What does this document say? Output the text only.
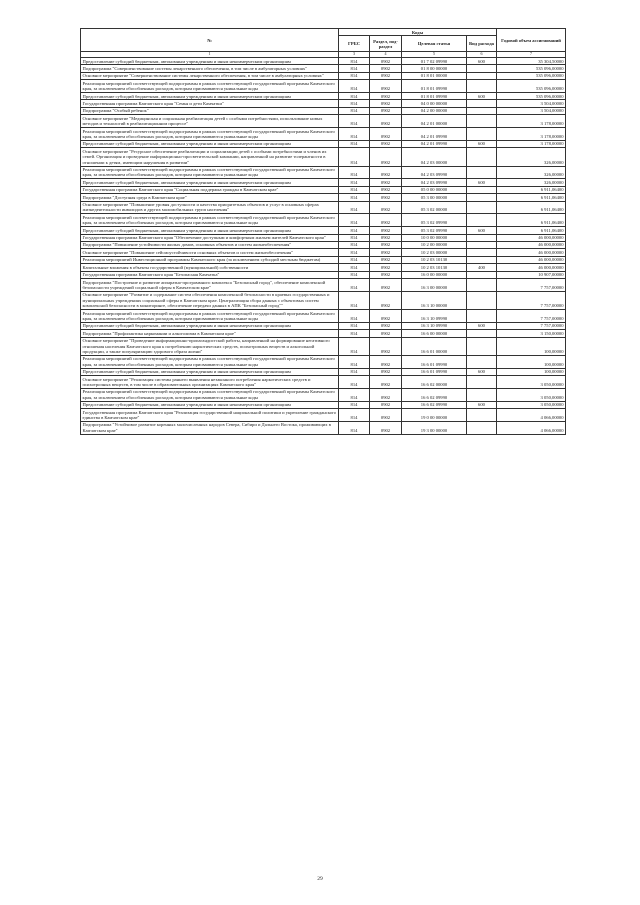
№	Коды				Годовой объем ассигнований
	ГРБС	Раздел, под-раздел	Целевая статья	Вид расхода	
1	3	4	5	6	7
Предоставление субсидий бюджетным, автономным учреждениям и иным некоммерческим организациям	814	0902	01 7 02 09990	600	35 304,50000
Подпрограмма "Совершенствование системы лекарственного обеспечения, в том числе в амбулаторных условиях"	814	0902	01 8 00 00000		535 096,00000
Основное мероприятие "Совершенствование системы лекарственного обеспечения, в том числе в амбулаторных условиях"	814	0902	01 8 01 00000		535 096,00000
Реализация мероприятий соответствующей подпрограммы в рамках соответствующей государственной программы Камчатского края, за исключением обособленных расходов, которым присваиваются уникальные коды	814	0902	01 8 01 09990		535 096,00000
Предоставление субсидий бюджетным, автономным учреждениям и иным некоммерческим организациям	814	0902	01 8 01 09990	600	535 096,00000
Государственная программа Камчатского края "Семья и дети Камчатки"	814	0902	04 0 00 00000		3 504,00000
Подпрограмма "Особый ребенок"	814	0902	04 2 00 00000		3 504,00000
Основное мероприятие "Медицинская и социальная реабилитация детей с особыми потребностями, использование новых методов и технологий в реабилитационном процессе"	814	0902	04 2 01 00000		3 178,00000
Реализация мероприятий соответствующей подпрограммы в рамках соответствующей государственной программы Камчатского края, за исключением обособленных расходов, которым присваиваются уникальные коды	814	0902	04 2 01 09990		3 178,00000
Предоставление субсидий бюджетным, автономным учреждениям и иным некоммерческим организациям	814	0902	04 2 01 09990	600	3 178,00000
Основное мероприятие "Ресурсное обеспечение реабилитации и социализации детей с особыми потребностями и членов их семей. Организация и проведение информационно-просветительской кампании, направленной на развитие толерантности в отношении к детям, имеющим нарушения в развитии"	814	0902	04 2 03 00000		326,00000
Реализация мероприятий соответствующей подпрограммы в рамках соответствующей государственной программы Камчатского края, за исключением обособленных расходов, которым присваиваются уникальные коды	814	0902	04 2 03 09990		326,00000
Предоставление субсидий бюджетным, автономным учреждениям и иным некоммерческим организациям	814	0902	04 2 03 09990	600	326,00000
Государственная программа Камчатского края "Социальная поддержка граждан в Камчатском крае"	814	0902	05 0 00 00000		6 911,06400
Подпрограмма "Доступная среда в Камчатском крае"	814	0902	05 3 00 00000		6 911,06400
Основное мероприятие "Повышение уровня доступности и качества приоритетных объектов и услуг в основных сферах жизнедеятельности инвалидов и других маломобильных групп населения"	814	0902	05 3 02 00000		6 911,06400
Реализация мероприятий соответствующей подпрограммы в рамках соответствующей государственной программы Камчатского края, за исключением обособленных расходов, которым присваиваются уникальные коды	814	0902	05 3 02 09990		6 911,06400
Предоставление субсидий бюджетным, автономным учреждениям и иным некоммерческим организациям	814	0902	05 3 02 09990	600	6 911,06400
Государственная программа Камчатского края "Обеспечение доступным и комфортным жильем жителей Камчатского края"	814	0902	10 0 00 00000		46 000,00000
Подпрограмма "Повышение устойчивости жилых домов, основных объектов и систем жизнеобеспечения"	814	0902	10 2 00 00000		46 000,00000
Основное мероприятие "Повышение сейсмоустойчивости основных объектов и систем жизнеобеспечения"	814	0902	10 2 03 00000		46 000,00000
Реализация мероприятий Инвестиционной программы Камчатского края (за исключением субсидий местным бюджетам)	814	0902	10 2 03 10130		46 000,00000
Капитальные вложения в объекты государственной (муниципальной) собственности	814	0902	10 2 03 10130	400	46 000,00000
Государственная программа Камчатского края "Безопасная Камчатка"	814	0902	16 0 00 00000		10 907,00000
Подпрограмма "Построение и развитие аппаратно-программного комплекса "Безопасный город", обеспечение комплексной безопасности учреждений социальной сферы в Камчатском крае"	814	0902	16 3 00 00000		7 757,00000
Основное мероприятие "Развитие и содержание систем обеспечения комплексной безопасности в краевых государственных и муниципальных учреждениях социальной сферы в Камчатском крае. Централизация сбора данных с объектовых систем комплексной безопасности в мониторинге, обеспечение передачи данных в АПК "Безопасный город""	814	0902	16 3 10 00000		7 757,00000
Реализация мероприятий соответствующей подпрограммы в рамках соответствующей государственной программы Камчатского края, за исключением обособленных расходов, которым присваиваются уникальные коды	814	0902	16 3 10 09990		7 757,00000
Предоставление субсидий бюджетным, автономным учреждениям и иным некоммерческим организациям	814	0902	16 3 10 09990	600	7 757,00000
Подпрограмма "Профилактика наркомании и алкоголизма в Камчатском крае"	814	0902	16 6 00 00000		3 150,00000
Основное мероприятие "Проведение информационно-пропагандистской работы, направленной на формирование негативного отношения населения Камчатского края к потреблению наркотических средств, психотропных веществ и алкогольной продукции, а также популяризацию здорового образа жизни"	814	0902	16 6 01 00000		100,00000
Реализация мероприятий соответствующей подпрограммы в рамках соответствующей государственной программы Камчатского края, за исключением обособленных расходов, которым присваиваются уникальные коды	814	0902	16 6 01 09990		100,00000
Предоставление субсидий бюджетным, автономным учреждениям и иным некоммерческим организациям	814	0902	16 6 01 09990	600	100,00000
Основное мероприятие "Реализация системы раннего выявления незаконного потребления наркотических средств и психотропных веществ, в том числе в образовательных организациях Камчатского края"	814	0902	16 6 02 00000		3 050,00000
Реализация мероприятий соответствующей подпрограммы в рамках соответствующей государственной программы Камчатского края, за исключением обособленных расходов, которым присваиваются уникальные коды	814	0902	16 6 02 09990		3 050,00000
Предоставление субсидий бюджетным, автономным учреждениям и иным некоммерческим организациям	814	0902	16 6 02 09990	600	3 050,00000
Государственная программа Камчатского края "Реализация государственной национальной политики и укрепление гражданского единства в Камчатском крае"	814	0902	19 0 00 00000		4 066,00000
Подпрограмма "Устойчивое развитие коренных малочисленных народов Севера, Сибири и Дальнего Востока, проживающих в Камчатском крае"	814	0902	19 3 00 00000		4 066,00000
29
